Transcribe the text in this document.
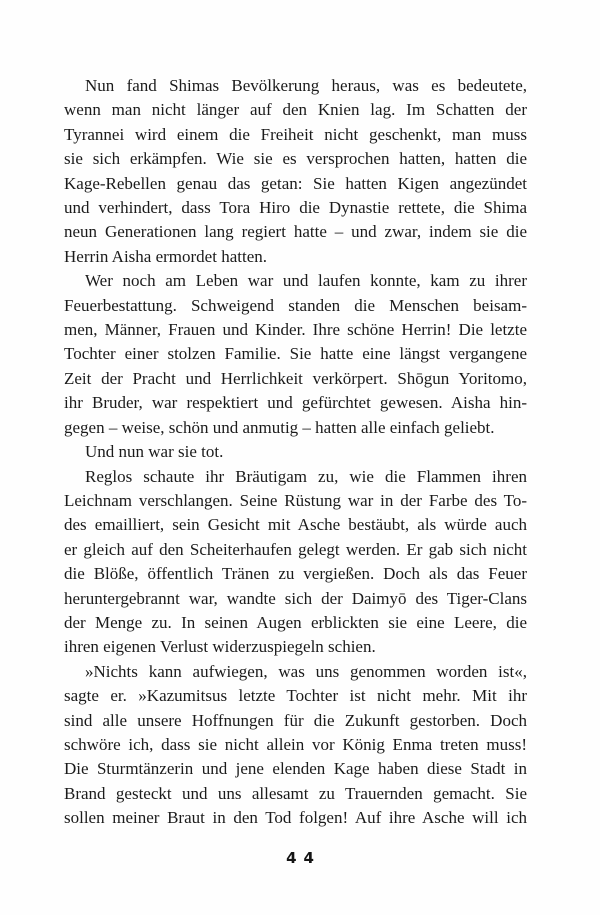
Nun fand Shimas Bevölkerung heraus, was es bedeutete,
wenn man nicht länger auf den Knien lag. Im Schatten der
Tyrannei wird einem die Freiheit nicht geschenkt, man muss
sie sich erkämpfen. Wie sie es versprochen hatten, hatten die
Kage-Rebellen genau das getan: Sie hatten Kigen angezündet
und verhindert, dass Tora Hiro die Dynastie rettete, die Shima
neun Generationen lang regiert hatte – und zwar, indem sie die
Herrin Aisha ermordet hatten.
Wer noch am Leben war und laufen konnte, kam zu ihrer
Feuerbestattung. Schweigend standen die Menschen beisam-
men, Männer, Frauen und Kinder. Ihre schöne Herrin! Die letzte
Tochter einer stolzen Familie. Sie hatte eine längst vergangene
Zeit der Pracht und Herrlichkeit verkörpert. Shōgun Yoritomo,
ihr Bruder, war respektiert und gefürchtet gewesen. Aisha hin-
gegen – weise, schön und anmutig – hatten alle einfach geliebt.
Und nun war sie tot.
Reglos schaute ihr Bräutigam zu, wie die Flammen ihren
Leichnam verschlangen. Seine Rüstung war in der Farbe des To-
des emailliert, sein Gesicht mit Asche bestäubt, als würde auch
er gleich auf den Scheiterhaufen gelegt werden. Er gab sich nicht
die Blöße, öffentlich Tränen zu vergießen. Doch als das Feuer
heruntergebrannt war, wandte sich der Daimyō des Tiger-Clans
der Menge zu. In seinen Augen erblickten sie eine Leere, die
ihren eigenen Verlust widerzuspiegeln schien.
»Nichts kann aufwiegen, was uns genommen worden ist«,
sagte er. »Kazumitsus letzte Tochter ist nicht mehr. Mit ihr
sind alle unsere Hoffnungen für die Zukunft gestorben. Doch
schwöre ich, dass sie nicht allein vor König Enma treten muss!
Die Sturmtänzerin und jene elenden Kage haben diese Stadt in
Brand gesteckt und uns allesamt zu Trauernden gemacht. Sie
sollen meiner Braut in den Tod folgen! Auf ihre Asche will ich
44
